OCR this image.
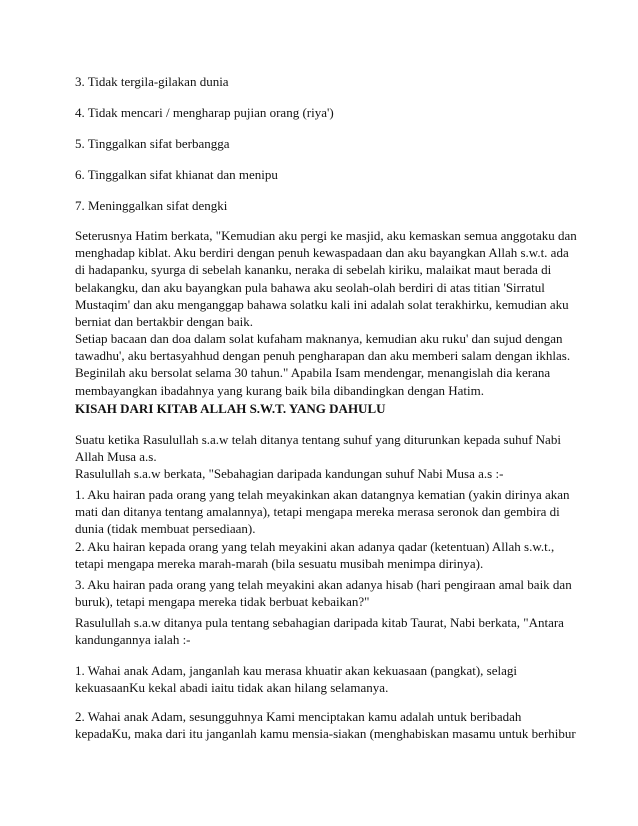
3. Tidak tergila-gilakan dunia

4. Tidak mencari / mengharap pujian orang (riya')

5. Tinggalkan sifat berbangga

6. Tinggalkan sifat khianat dan menipu

7. Meninggalkan sifat dengki

Seterusnya Hatim berkata, "Kemudian aku pergi ke masjid, aku kemaskan semua anggotaku dan
menghadap kiblat. Aku berdiri dengan penuh kewaspadaan dan aku bayangkan Allah s.w.t. ada
di hadapanku, syurga di sebelah kananku, neraka di sebelah kiriku, malaikat maut berada di
belakangku, dan aku bayangkan pula bahawa aku seolah-olah berdiri di atas titian 'Sirratul
Mustaqim' dan aku menganggap bahawa solatku kali ini adalah solat terakhirku, kemudian aku
berniat dan bertakbir dengan baik.

Setiap bacaan dan doa dalam solat kufaham maknanya, kemudian aku ruku' dan sujud dengan
tawadhu', aku bertasyahhud dengan penuh pengharapan dan aku memberi salam dengan ikhlas.
Beginilah aku bersolat selama 30 tahun." Apabila Isam mendengar, menangislah dia kerana
membayangkan ibadahnya yang kurang baik bila dibandingkan dengan Hatim.

KISAH DARI KITAB ALLAH S.W.T. YANG DAHULU

Suatu ketika Rasulullah s.a.w telah ditanya tentang suhuf yang diturunkan kepada suhuf Nabi
Allah Musa a.s.
Rasulullah s.a.w berkata, "Sebahagian daripada kandungan suhuf Nabi Musa a.s :-

1. Aku hairan pada orang yang telah meyakinkan akan datangnya kematian (yakin dirinya akan
mati dan ditanya tentang amalannya), tetapi mengapa mereka merasa seronok dan gembira di
dunia (tidak membuat persediaan).

2. Aku hairan kepada orang yang telah meyakini akan adanya qadar (ketentuan) Allah s.w.t.,
tetapi mengapa mereka marah-marah (bila sesuatu musibah menimpa dirinya).

3. Aku hairan pada orang yang telah meyakini akan adanya hisab (hari pengiraan amal baik dan
buruk), tetapi mengapa mereka tidak berbuat kebaikan?"

Rasulullah s.a.w ditanya pula tentang sebahagian daripada kitab Taurat, Nabi berkata, "Antara
kandungannya ialah :-

1. Wahai anak Adam, janganlah kau merasa khuatir akan kekuasaan (pangkat), selagi
kekuasaanKu kekal abadi iaitu tidak akan hilang selamanya.

2. Wahai anak Adam, sesungguhnya Kami menciptakan kamu adalah untuk beribadah
kepadaKu, maka dari itu janganlah kamu mensia-siakan (menghabiskan masamu untuk berhibur
